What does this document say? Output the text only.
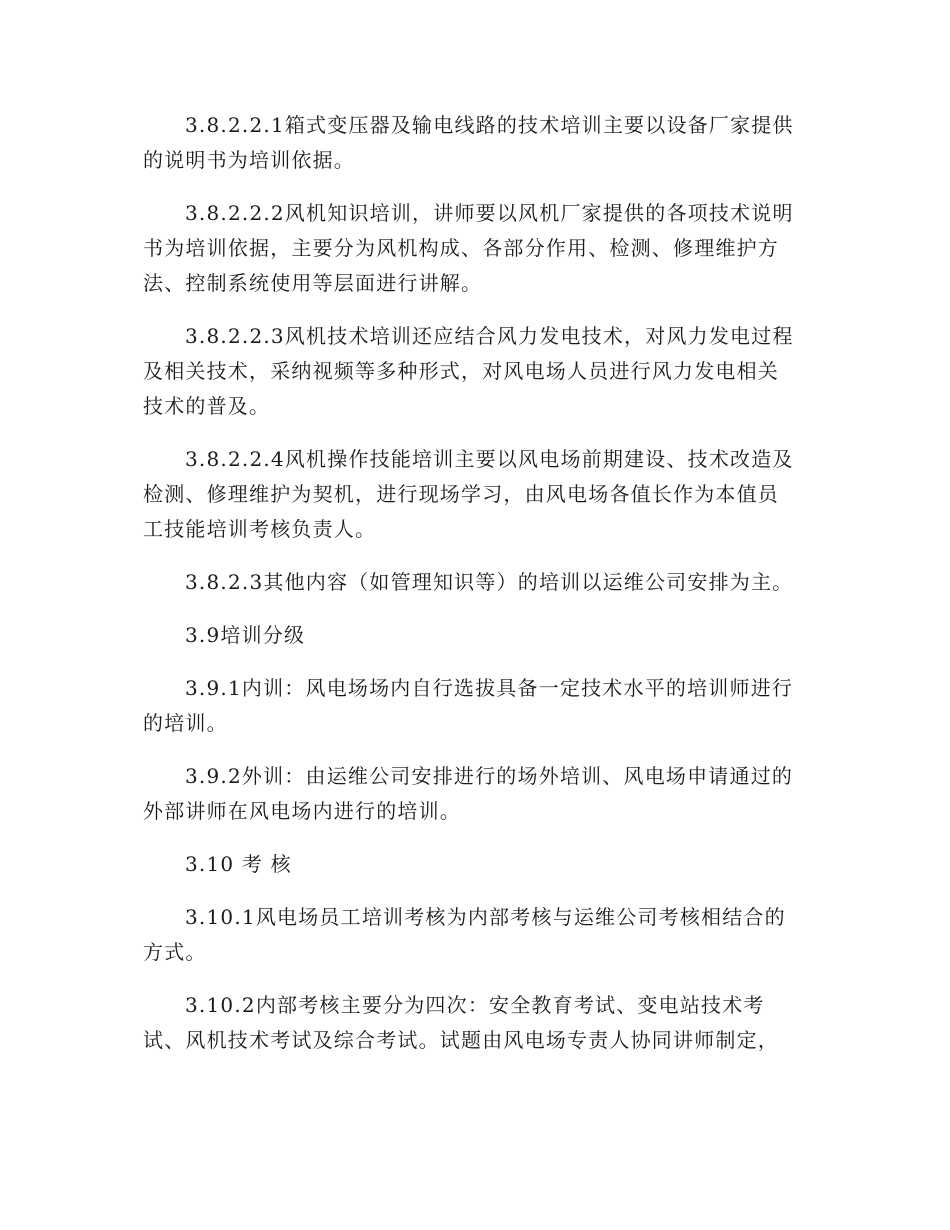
3.8.2.2.1箱式变压器及输电线路的技术培训主要以设备厂家提供
的说明书为培训依据。
3.8.2.2.2风机知识培训，讲师要以风机厂家提供的各项技术说明
书为培训依据，主要分为风机构成、各部分作用、检测、修理维护方
法、控制系统使用等层面进行讲解。
3.8.2.2.3风机技术培训还应结合风力发电技术，对风力发电过程
及相关技术，采纳视频等多种形式，对风电场人员进行风力发电相关
技术的普及。
3.8.2.2.4风机操作技能培训主要以风电场前期建设、技术改造及
检测、修理维护为契机，进行现场学习，由风电场各值长作为本值员
工技能培训考核负责人。
3.8.2.3其他内容（如管理知识等）的培训以运维公司安排为主。
3.9培训分级
3.9.1内训：风电场场内自行选拔具备一定技术水平的培训师进行
的培训。
3.9.2外训：由运维公司安排进行的场外培训、风电场申请通过的
外部讲师在风电场内进行的培训。
3.10 考 核
3.10.1风电场员工培训考核为内部考核与运维公司考核相结合的
方式。
3.10.2内部考核主要分为四次：安全教育考试、变电站技术考
试、风机技术考试及综合考试。试题由风电场专责人协同讲师制定，
